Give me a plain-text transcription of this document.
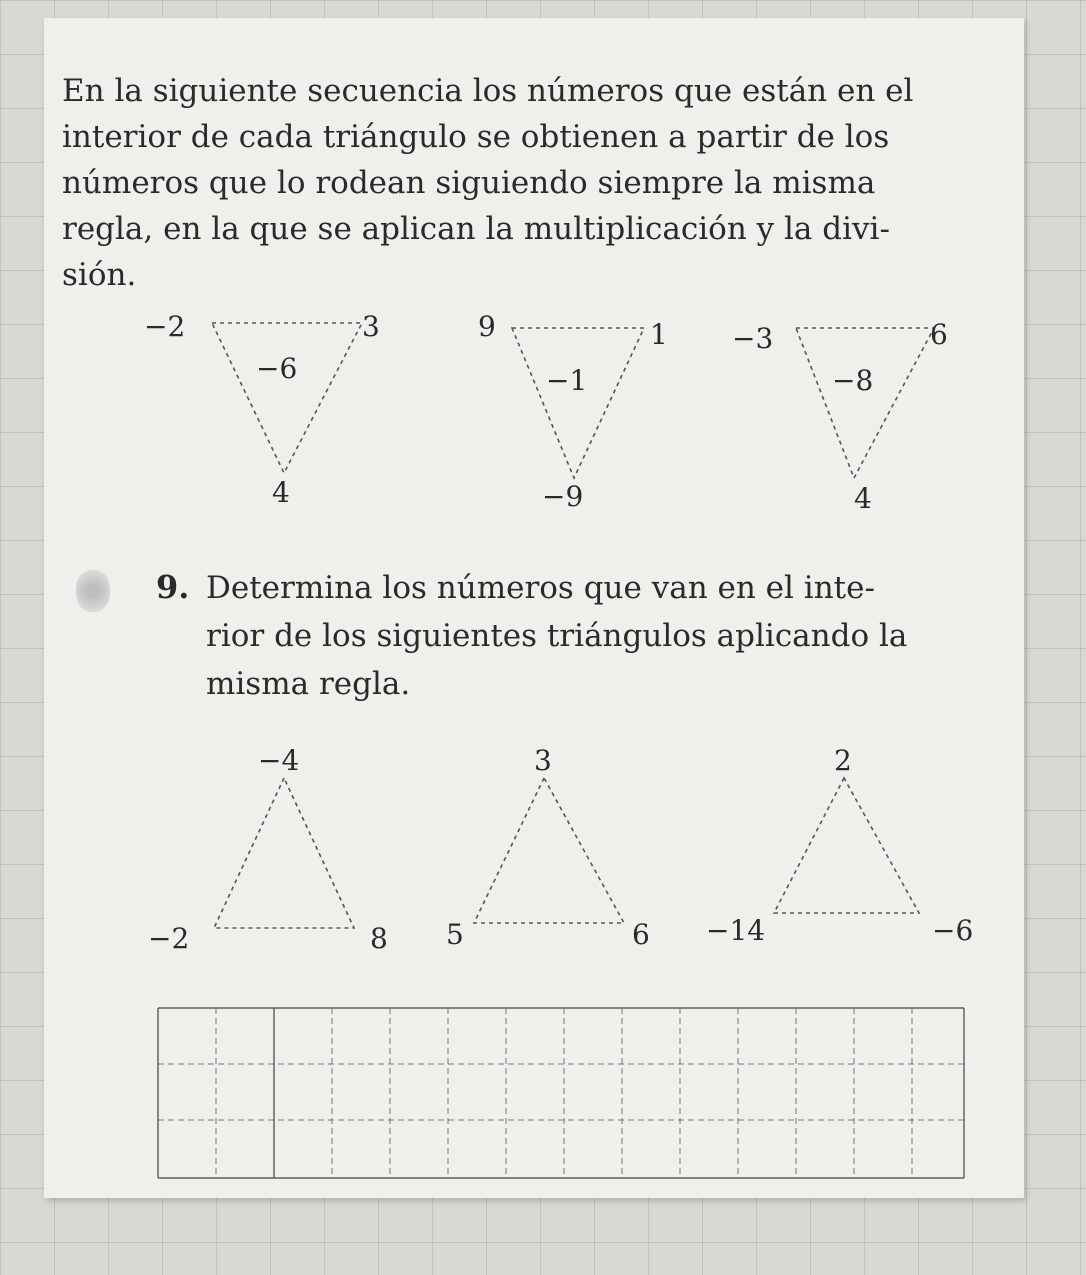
En la siguiente secuencia los números que están en el
interior de cada triángulo se obtienen a partir de los
números que lo rodean siguiendo siempre la misma
regla, en la que se aplican la multiplicación y la divi-
sión.
−2	3
−6
4
9	1
−1
−9
−3	6
−8
4
9. Determina los números que van en el inte-
rior de los siguientes triángulos aplicando la
misma regla.
−4
−2	8
3
5	6
2
−14	−6
